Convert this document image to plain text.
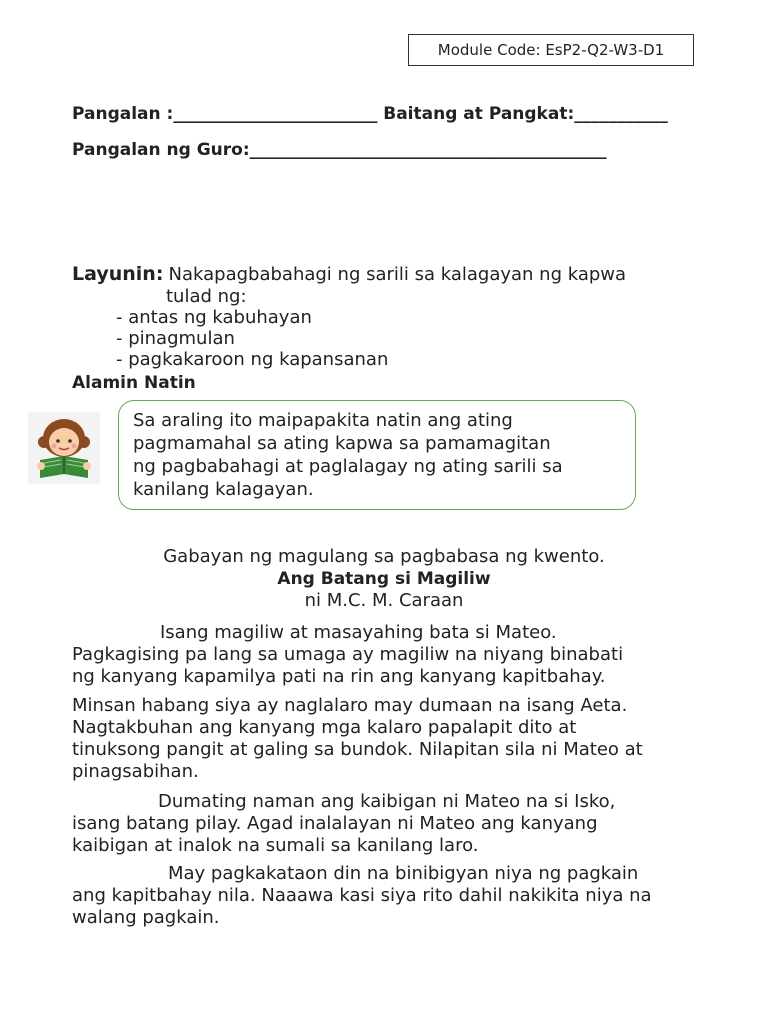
Module Code: EsP2-Q2-W3-D1
Pangalan :________________________ Baitang at Pangkat:___________
Pangalan ng Guro:__________________________________________
Layunin: Nakapagbabahagi ng sarili sa kalagayan ng kapwa
tulad ng:
- antas ng kabuhayan
- pinagmulan
- pagkakaroon ng kapansanan
Alamin Natin

Sa araling ito maipapakita natin ang ating

pagmamahal sa ating kapwa sa pamamagitan

ng pagbabahagi at paglalagay ng ating sarili sa

kanilang kalagayan.

Gabayan ng magulang sa pagbabasa ng kwento.
Ang Batang si Magiliw
ni M.C. M. Caraan
Isang magiliw at masayahing bata si Mateo.
Pagkagising pa lang sa umaga ay magiliw na niyang binabati
ng kanyang kapamilya pati na rin ang kanyang kapitbahay.
Minsan habang siya ay naglalaro may dumaan na isang Aeta.
Nagtakbuhan ang kanyang mga kalaro papalapit dito at
tinuksong pangit at galing sa bundok. Nilapitan sila ni Mateo at
pinagsabihan.
Dumating naman ang kaibigan ni Mateo na si Isko,
isang batang pilay. Agad inalalayan ni Mateo ang kanyang
kaibigan at inalok na sumali sa kanilang laro.
May pagkakataon din na binibigyan niya ng pagkain
ang kapitbahay nila. Naaawa kasi siya rito dahil nakikita niya na
walang pagkain.
